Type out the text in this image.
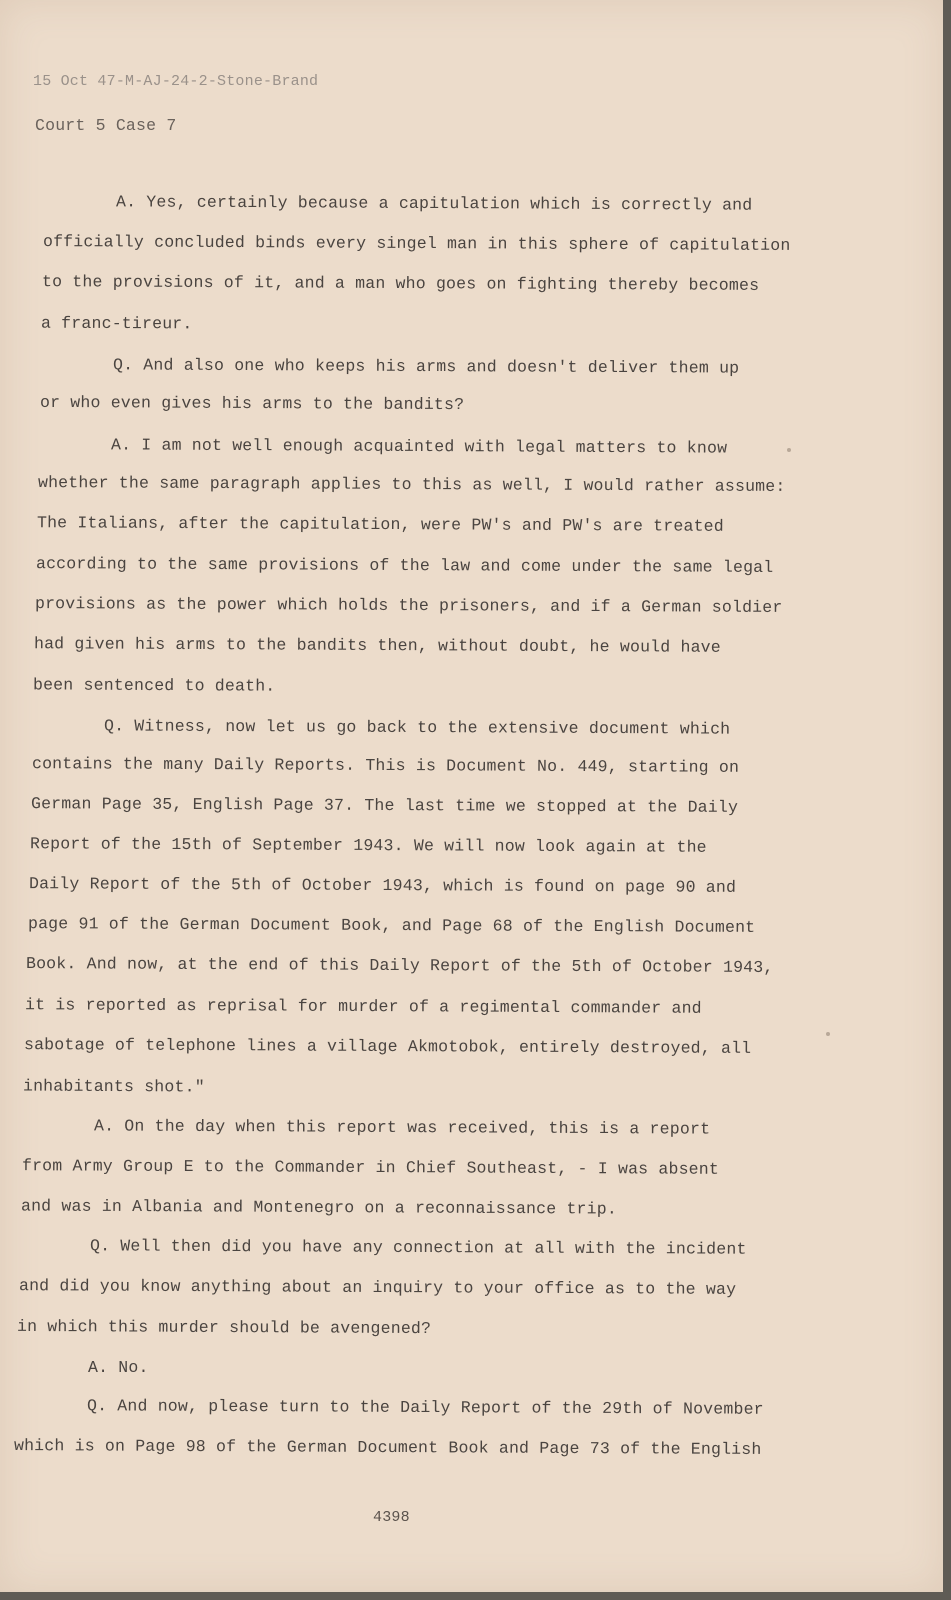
15 Oct 47-M-AJ-24-2-Stone-Brand
Court 5 Case 7
A. Yes, certainly because a capitulation which is correctly and
officially concluded binds every singel man in this sphere of capitulation
to the provisions of it, and a man who goes on fighting thereby becomes
a franc-tireur.
Q. And also one who keeps his arms and doesn't deliver them up
or who even gives his arms to the bandits?
A. I am not well enough acquainted with legal matters to know
whether the same paragraph applies to this as well, I would rather assume:
The Italians, after the capitulation, were PW's and PW's are treated
according to the same provisions of the law and come under the same legal
provisions as the power which holds the prisoners, and if a German soldier
had given his arms to the bandits then, without doubt, he would have
been sentenced to death.
Q. Witness, now let us go back to the extensive document which
contains the many Daily Reports. This is Document No. 449, starting on
German Page 35, English Page 37. The last time we stopped at the Daily
Report of the 15th of September 1943. We will now look again at the
Daily Report of the 5th of October 1943, which is found on page 90 and
page 91 of the German Document Book, and Page 68 of the English Document
Book. And now, at the end of this Daily Report of the 5th of October 1943,
it is reported as reprisal for murder of a regimental commander and
sabotage of telephone lines a village Akmotobok, entirely destroyed, all
inhabitants shot."
A. On the day when this report was received, this is a report
from Army Group E to the Commander in Chief Southeast, - I was absent
and was in Albania and Montenegro on a reconnaissance trip.
Q. Well then did you have any connection at all with the incident
and did you know anything about an inquiry to your office as to the way
in which this murder should be avengened?
A. No.
Q. And now, please turn to the Daily Report of the 29th of November
which is on Page 98 of the German Document Book and Page 73 of the English
4398
